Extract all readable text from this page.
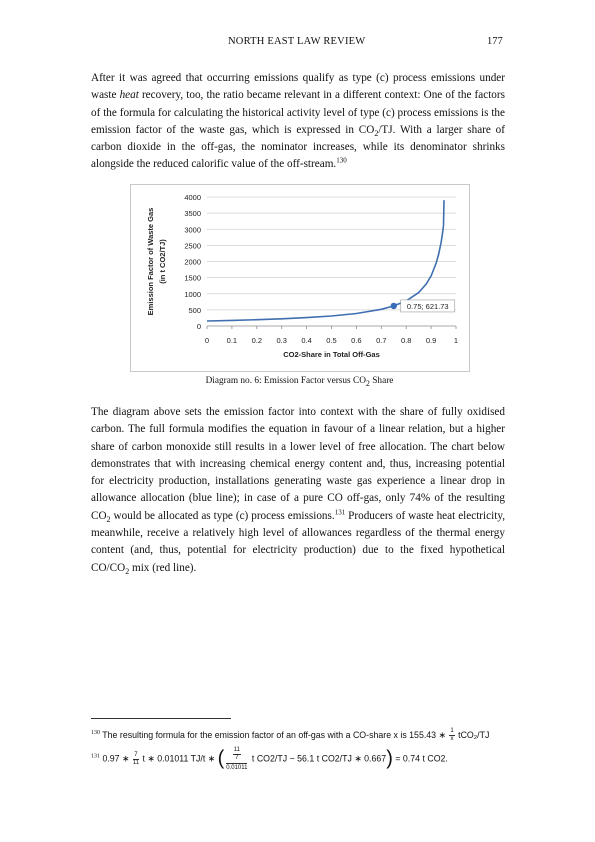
NORTH EAST LAW REVIEW	177

After it was agreed that occurring emissions qualify as type (c) process emissions under waste heat recovery, too, the ratio became relevant in a different context: One of the factors of the formula for calculating the historical activity level of type (c) process emissions is the emission factor of the waste gas, which is expressed in $CO_2/TJ$. With a larger share of carbon dioxide in the off-gas, the nominator increases, while its denominator shrinks alongside the reduced calorific value of the off-stream.$^{130}$

0
500
1000
1500
2000
2500
3000
3500
4000
0 0.1 0.2 0.3 0.4 0.5 0.6 0.7 0.8 0.9 1
CO2-Share in Total Off-Gas
Emission Factor of Waste Gas (in t CO2/TJ)
0.75; 621.73
Diagram no. 6: Emission Factor versus $CO_2$ Share

The diagram above sets the emission factor into context with the share of fully oxidised carbon. The full formula modifies the equation in favour of a linear relation, but a higher share of carbon monoxide still results in a lower level of free allocation. The chart below demonstrates that with increasing chemical energy content and, thus, increasing potential for electricity production, installations generating waste gas experience a linear drop in allowance allocation (blue line); in case of a pure CO off-gas, only 74% of the resulting $CO_2$ would be allocated as type (c) process emissions.$^{131}$ Producers of waste heat electricity, meanwhile, receive a relatively high level of allowances regardless of the thermal energy content (and, thus, potential for electricity production) due to the fixed hypothetical $CO/CO_2$ mix (red line).

$^{130}$ The resulting formula for the emission factor of an off-gas with a CO-share x is 155.43 ∗ $\frac{1}{x} tCO_2/TJ$
$^{131}$ 0.97 ∗ $\frac{7}{11}$ t ∗ 0.01011 TJ/t ∗ ( $\frac{\frac{11}{7}}{0.01011}$ t CO2/TJ − 56.1 t CO2/TJ ∗ 0.667) = 0.74 t CO2.
